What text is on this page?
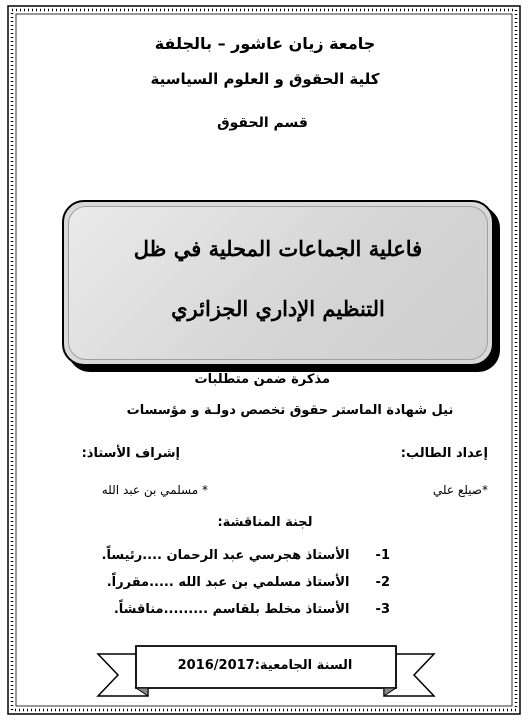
جامعة زيان عاشور – بالجلفة
كلية الحقوق و العلوم السياسية
قسم الحقوق
فاعلية الجماعات المحلية في ظل
التنظيم الإداري الجزائري
مذكرة ضمن متطلبات
نيل شهادة الماستر حقوق تخصص دولـة و مؤسسات
إعداد الطالب:
إشراف الأستاذ:
*صيلع علي
* مسلمي بن عبد الله
لجنة المناقشة:
1- الأستاذ هجرسي عبد الرحمان ....رئيساً.
2- الأستاذ مسلمي بن عبد الله .....مقرراً.
3- الأستاذ مخلط بلقاسم .........مناقشاً.
السنة الجامعية:2016/2017
